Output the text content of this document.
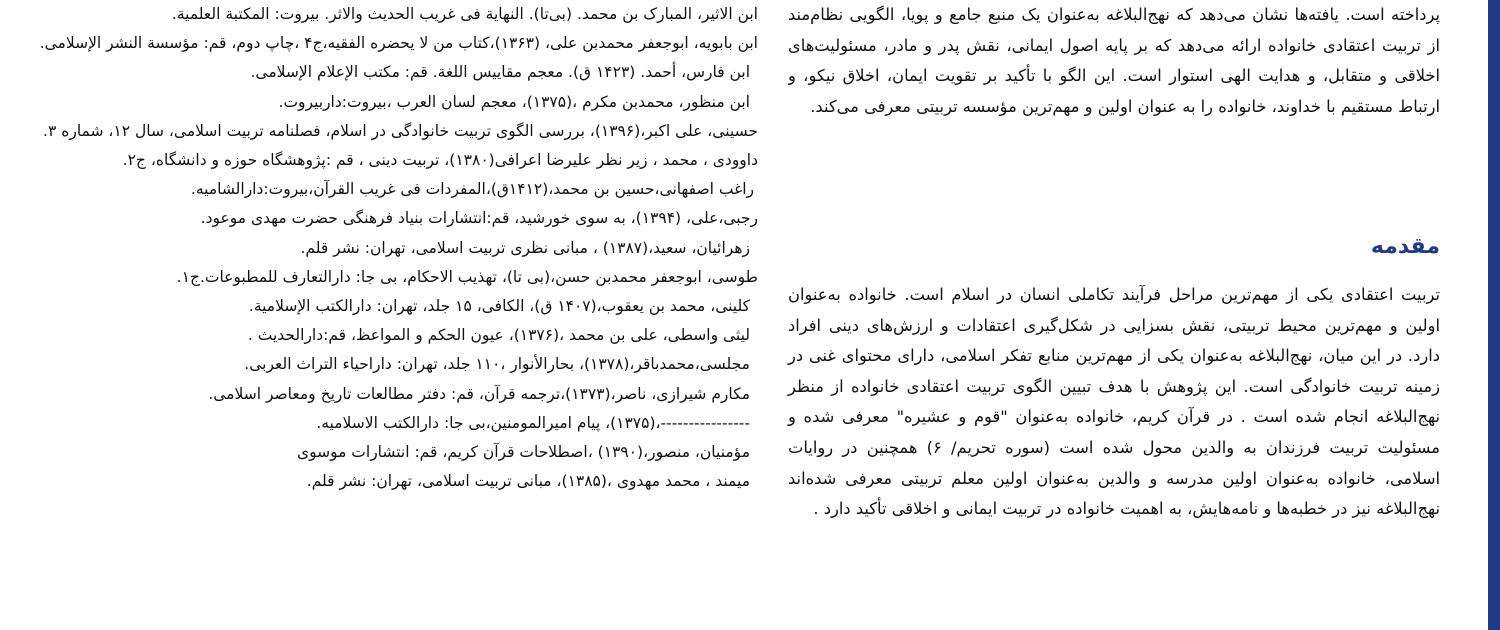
ابن الاثیر، المبارک بن محمد. (بی‌تا). النهایة فی غریب الحدیث والاثر. بیروت: المکتبة العلمیة.

ابن بابویه، ابوجعفر محمدبن علی، (۱۳۶۳)،کتاب من لا یحضره الفقیه،ج۴ ،چاپ دوم، قم: مؤسسة النشر الإسلامی.

ابن فارس، أحمد. (۱۴۲۳ ق). معجم مقاییس اللغة. قم: مکتب الإعلام الإسلامی.

ابن منظور، محمدبن مکرم ،(۱۳۷۵)، معجم لسان العرب ،بیروت:داربیروت.

حسینی، علی اکبر،(۱۳۹۶)، بررسی الگوی تربیت خانوادگی در اسلام، فصلنامه تربیت اسلامی، سال ۱۲، شماره ۳.

داوودی ، محمد ، زیر نظر علیرضا اعرافی(۱۳۸۰)، تربیت دینی ، قم :پژوهشگاه حوزه و دانشگاه، ج۲.

راغب اصفهانی،حسین بن محمد،(۱۴۱۲ق)،المفردات فی غریب القرآن،بیروت:دارالشامیه.

رجبی،علی، (۱۳۹۴)، به سوی خورشید، قم:انتشارات بنیاد فرهنگی حضرت مهدی موعود.

زهرائیان، سعید،(۱۳۸۷) ، مبانی نظری تربیت اسلامی، تهران: نشر قلم.

طوسی، ابوجعفر محمدبن حسن،(بی تا)، تهذیب الاحکام، بی جا: دارالتعارف للمطبوعات.ج۱.

کلینی، محمد بن یعقوب،(۱۴۰۷ ق)، الکافی، ۱۵ جلد، تهران: دارالکتب الإسلامیة.

لیثی واسطی، علی بن محمد ،(۱۳۷۶)، عیون الحکم و المواعظ، قم:دارالحدیث .

مجلسی،محمدباقر،(۱۳۷۸)، بحارالأنوار ،۱۱۰ جلد، تهران: داراحیاء التراث العربی.

مکارم شیرازی، ناصر،(۱۳۷۳)،ترجمه قرآن، قم: دفتر مطالعات تاریخ ومعاصر اسلامی.

----------------،(۱۳۷۵)، پیام امیرالمومنین،بی جا: دارالکتب الاسلامیه.

مؤمنیان، منصور،(۱۳۹۰) ،اصطلاحات قرآن کریم، قم: انتشارات موسوی

میمند ، محمد مهدوی ،(۱۳۸۵)، مبانی تربیت اسلامی، تهران: نشر قلم.

پرداخته است. یافته‌ها نشان می‌دهد که نهج‌البلاغه به‌عنوان یک منبع جامع و پویا، الگویی نظام‌مند از تربیت اعتقادی خانواده ارائه می‌دهد که بر پایه اصول ایمانی، نقش پدر و مادر، مسئولیت‌های اخلاقی و متقابل، و هدایت الهی استوار است. این الگو با تأکید بر تقویت ایمان، اخلاق نیکو، و ارتباط مستقیم با خداوند، خانواده را به عنوان اولین و مهم‌ترین مؤسسه تربیتی معرفی می‌کند.

مقدمه

تربیت اعتقادی یکی از مهم‌ترین مراحل فرآیند تکاملی انسان در اسلام است. خانواده به‌عنوان اولین و مهم‌ترین محیط تربیتی، نقش بسزایی در شکل‌گیری اعتقادات و ارزش‌های دینی افراد دارد. در این میان، نهج‌البلاغه به‌عنوان یکی از مهم‌ترین منابع تفکر اسلامی، دارای محتوای غنی در زمینه تربیت خانوادگی است. این پژوهش با هدف تبیین الگوی تربیت اعتقادی خانواده از منظر نهج‌البلاغه انجام شده است . در قرآن کریم، خانواده به‌عنوان "قوم و عشیره" معرفی شده و مسئولیت تربیت فرزندان به والدین محول شده است (سوره تحریم/ ۶) همچنین در روایات اسلامی، خانواده به‌عنوان اولین مدرسه و والدین به‌عنوان اولین معلم تربیتی معرفی شده‌اند نهج‌البلاغه نیز در خطبه‌ها و نامه‌هایش، به اهمیت خانواده در تربیت ایمانی و اخلاقی تأکید دارد .
